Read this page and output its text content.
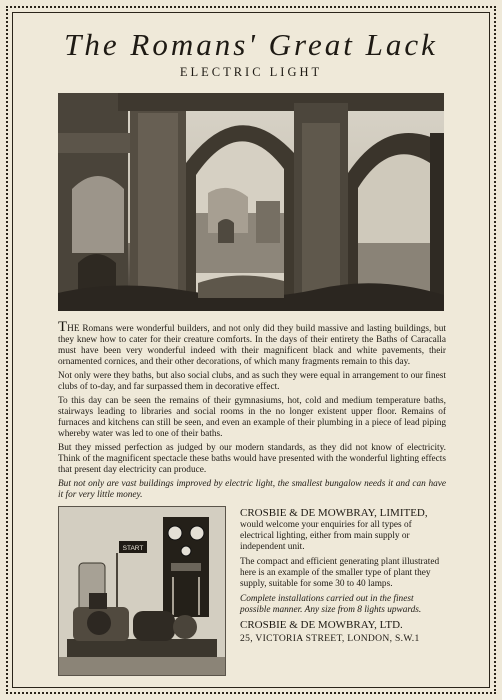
The Romans' Great Lack
ELECTRIC LIGHT

THE Romans were wonderful builders, and not only did they build massive and lasting buildings, but they knew how to cater for their creature comforts. In the days of their entirety the Baths of Caracalla must have been very wonderful indeed with their magnificent black and white pavements, their ornamented cornices, and their other decorations, of which many fragments remain to this day.

Not only were they baths, but also social clubs, and as such they were equal in arrangement to our finest clubs of to-day, and far surpassed them in decorative effect.

To this day can be seen the remains of their gymnasiums, hot, cold and medium temperature baths, stairways leading to libraries and social rooms in the no longer existent upper floor. Remains of furnaces and kitchens can still be seen, and even an example of their plumbing in a piece of lead piping whereby water was led to one of their baths.

But they missed perfection as judged by our modern standards, as they did not know of electricity. Think of the magnificent spectacle these baths would have presented with the wonderful lighting effects that present day electricity can produce.

But not only are vast buildings improved by electric light, the smallest bungalow needs it and can have it for very little money.

START

CROSBIE & DE MOWBRAY, LIMITED, would welcome your enquiries for all types of electrical lighting, either from main supply or independent unit.

The compact and efficient generating plant illustrated here is an example of the smaller type of plant they supply, suitable for some 30 to 40 lamps.

Complete installations carried out in the finest possible manner. Any size from 8 lights upwards.

CROSBIE & DE MOWBRAY, LTD.

25, VICTORIA STREET, LONDON, S.W.1
